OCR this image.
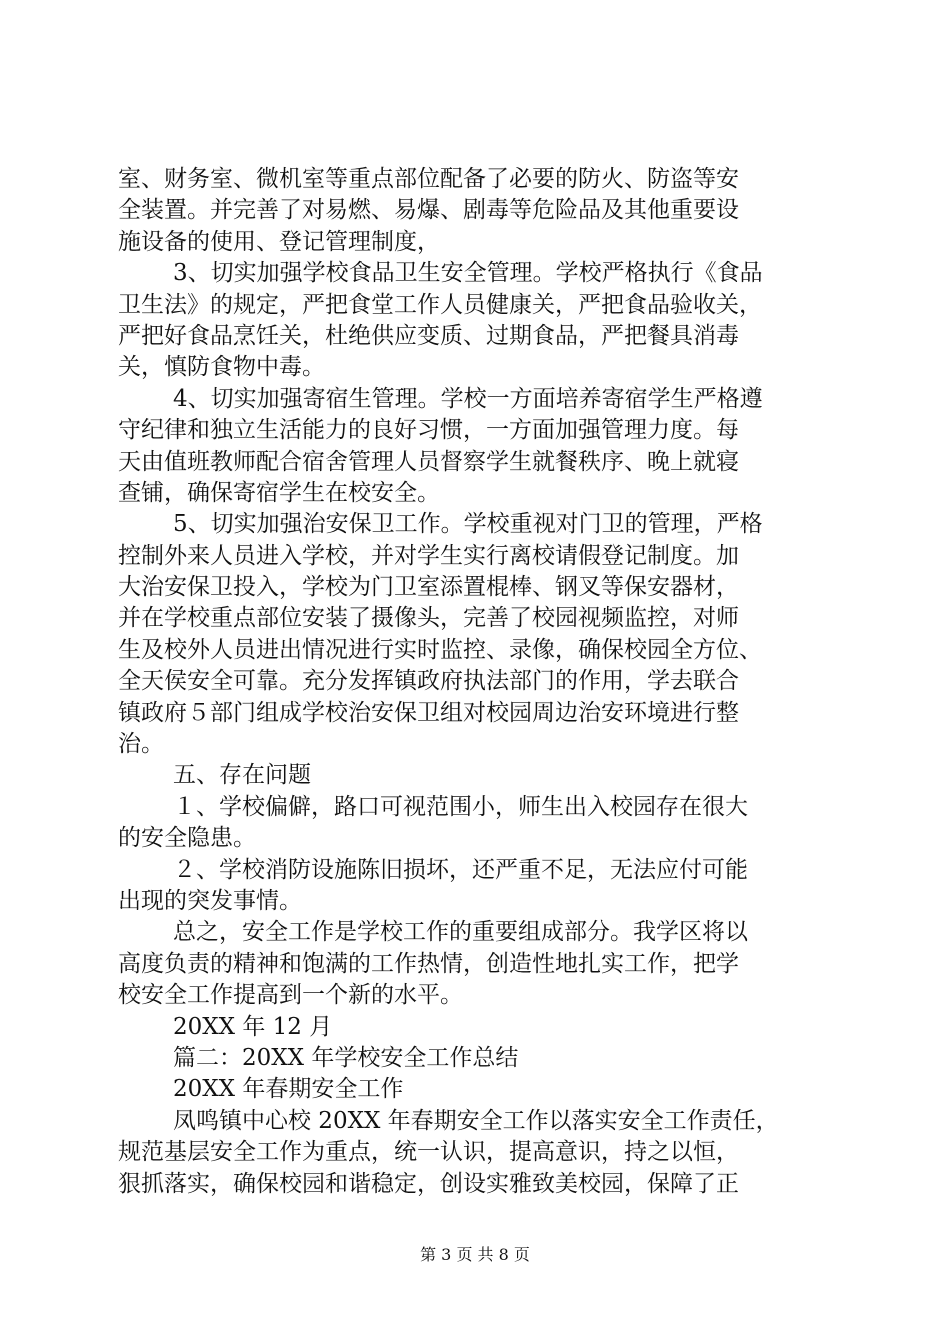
室、财务室、微机室等重点部位配备了必要的防火、防盗等安
全装置。并完善了对易燃、易爆、剧毒等危险品及其他重要设
施设备的使用、登记管理制度，
3、切实加强学校食品卫生安全管理。学校严格执行《食品
卫生法》的规定，严把食堂工作人员健康关，严把食品验收关，
严把好食品烹饪关，杜绝供应变质、过期食品，严把餐具消毒
关，慎防食物中毒。
4、切实加强寄宿生管理。学校一方面培养寄宿学生严格遵
守纪律和独立生活能力的良好习惯，一方面加强管理力度。每
天由值班教师配合宿舍管理人员督察学生就餐秩序、晚上就寝
查铺，确保寄宿学生在校安全。
5、切实加强治安保卫工作。学校重视对门卫的管理，严格
控制外来人员进入学校，并对学生实行离校请假登记制度。加
大治安保卫投入，学校为门卫室添置棍棒、钢叉等保安器材，
并在学校重点部位安装了摄像头，完善了校园视频监控，对师
生及校外人员进出情况进行实时监控、录像，确保校园全方位、
全天侯安全可靠。充分发挥镇政府执法部门的作用，学去联合
镇政府５部门组成学校治安保卫组对校园周边治安环境进行整
治。
五、存在问题
１、学校偏僻，路口可视范围小，师生出入校园存在很大
的安全隐患。
２、学校消防设施陈旧损坏，还严重不足，无法应付可能
出现的突发事情。
总之，安全工作是学校工作的重要组成部分。我学区将以
高度负责的精神和饱满的工作热情，创造性地扎实工作，把学
校安全工作提高到一个新的水平。
20XX 年 12 月
篇二：20XX 年学校安全工作总结
20XX 年春期安全工作
凤鸣镇中心校 20XX 年春期安全工作以落实安全工作责任，
规范基层安全工作为重点，统一认识，提高意识，持之以恒，
狠抓落实，确保校园和谐稳定，创设实雅致美校园，保障了正
第 3 页 共 8 页
